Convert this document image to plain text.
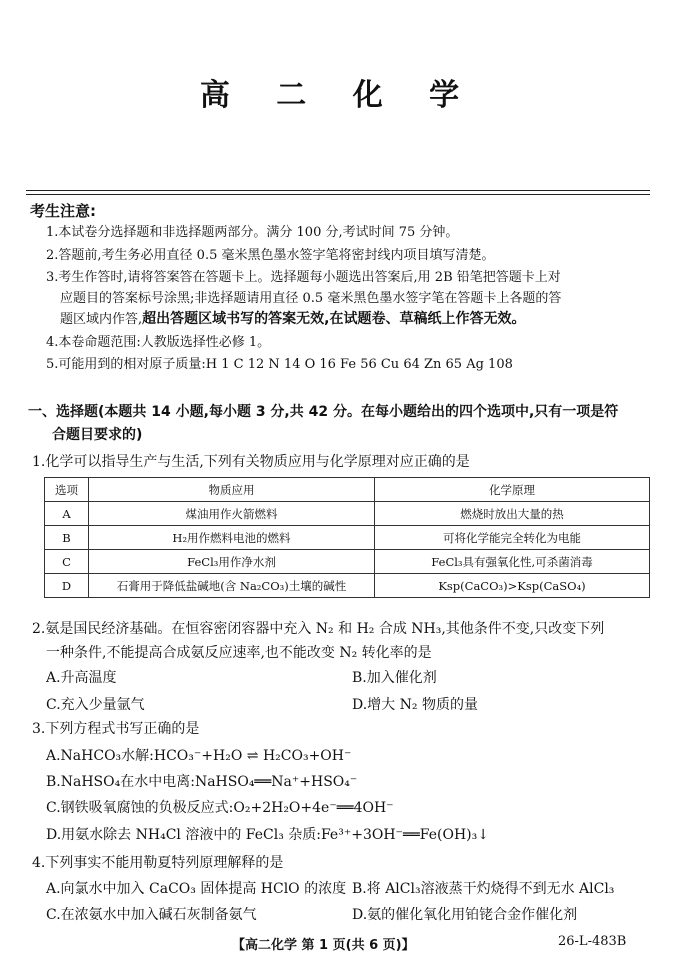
高 二 化 学
考生注意:
1.本试卷分选择题和非选择题两部分。满分 100 分,考试时间 75 分钟。
2.答题前,考生务必用直径 0.5 毫米黑色墨水签字笔将密封线内项目填写清楚。
3.考生作答时,请将答案答在答题卡上。选择题每小题选出答案后,用 2B 铅笔把答题卡上对
应题目的答案标号涂黑;非选择题请用直径 0.5 毫米黑色墨水签字笔在答题卡上各题的答
题区域内作答,超出答题区域书写的答案无效,在试题卷、草稿纸上作答无效。
4.本卷命题范围:人教版选择性必修 1。
5.可能用到的相对原子质量:H 1 C 12 N 14 O 16 Fe 56 Cu 64 Zn 65 Ag 108
一、选择题(本题共 14 小题,每小题 3 分,共 42 分。在每小题给出的四个选项中,只有一项是符
合题目要求的)
1.化学可以指导生产与生活,下列有关物质应用与化学原理对应正确的是
选项	物质应用	化学原理
A	煤油用作火箭燃料	燃烧时放出大量的热
B	H₂用作燃料电池的燃料	可将化学能完全转化为电能
C	FeCl₃用作净水剂	FeCl₃具有强氧化性,可杀菌消毒
D	石膏用于降低盐碱地(含 Na₂CO₃)土壤的碱性	Ksp(CaCO₃)>Ksp(CaSO₄)
2.氨是国民经济基础。在恒容密闭容器中充入 N₂ 和 H₂ 合成 NH₃,其他条件不变,只改变下列
一种条件,不能提高合成氨反应速率,也不能改变 N₂ 转化率的是
A.升高温度	B.加入催化剂
C.充入少量氩气	D.增大 N₂ 物质的量
3.下列方程式书写正确的是
A.NaHCO₃水解:HCO₃⁻+H₂O ⇌ H₂CO₃+OH⁻
B.NaHSO₄在水中电离:NaHSO₄══Na⁺+HSO₄⁻
C.钢铁吸氧腐蚀的负极反应式:O₂+2H₂O+4e⁻══4OH⁻
D.用氨水除去 NH₄Cl 溶液中的 FeCl₃ 杂质:Fe³⁺+3OH⁻══Fe(OH)₃↓
4.下列事实不能用勒夏特列原理解释的是
A.向氯水中加入 CaCO₃ 固体提高 HClO 的浓度 B.将 AlCl₃溶液蒸干灼烧得不到无水 AlCl₃
C.在浓氨水中加入碱石灰制备氨气	D.氨的催化氧化用铂铑合金作催化剂
【高二化学 第 1 页(共 6 页)】	26-L-483B
